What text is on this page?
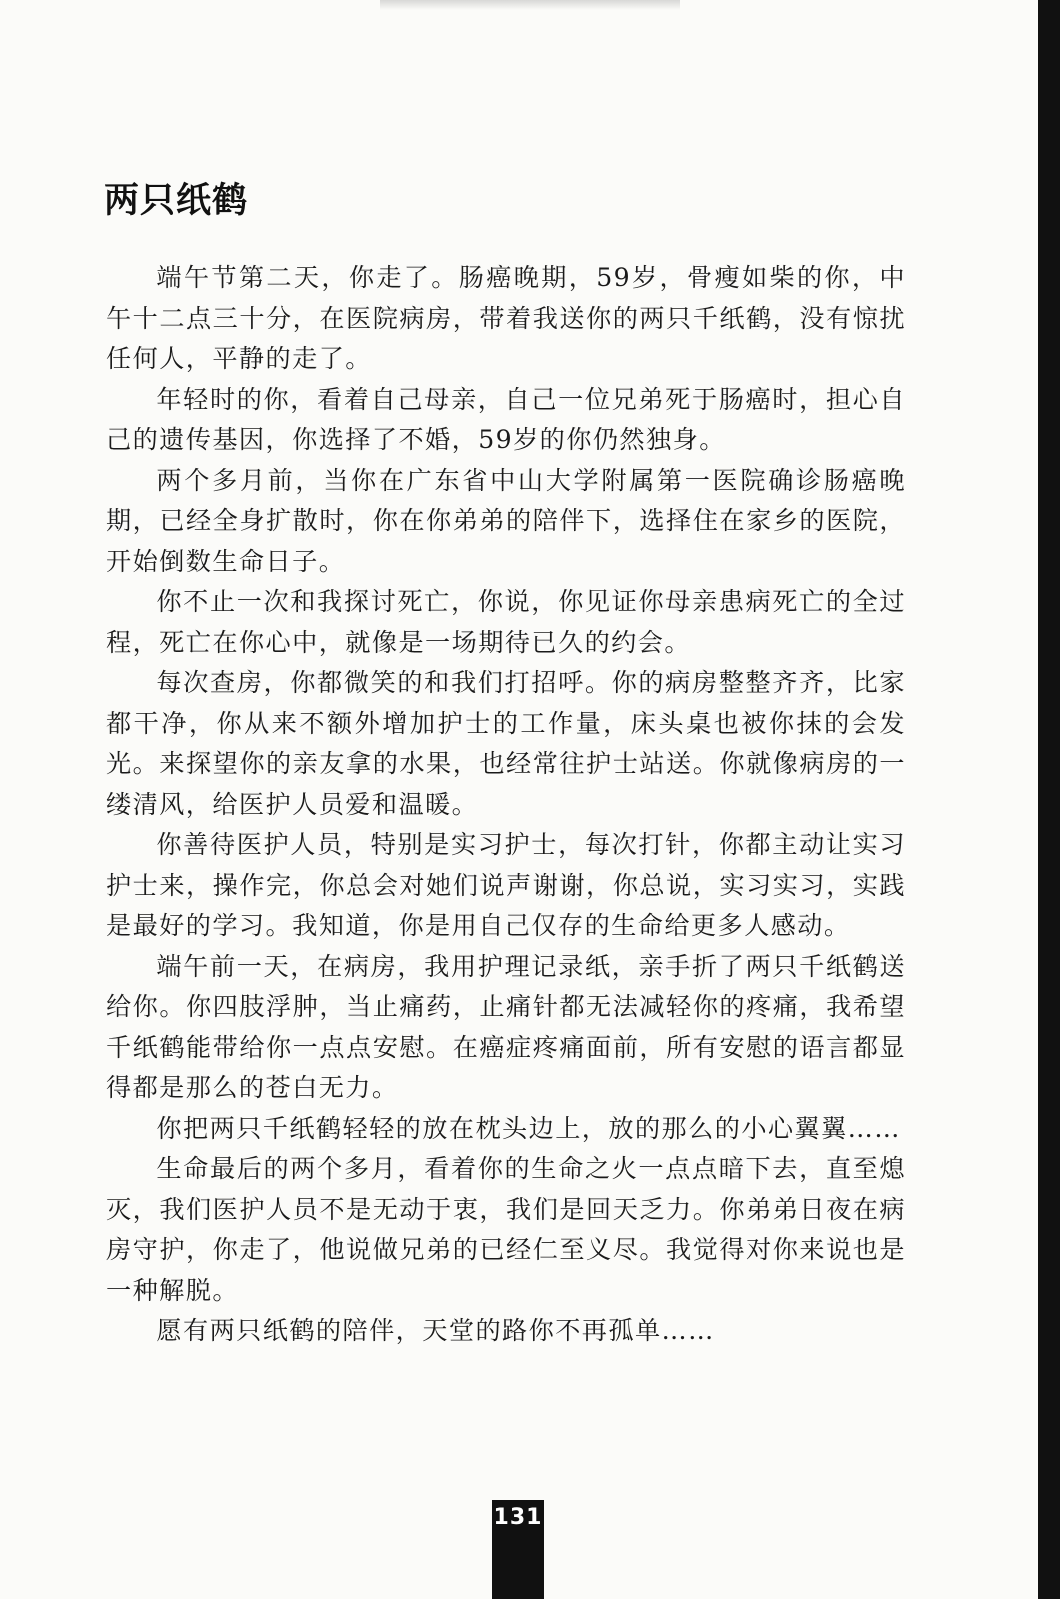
两只纸鹤

端午节第二天，你走了。肠癌晚期，59岁，骨瘦如柴的你，中午十二点三十分，在医院病房，带着我送你的两只千纸鹤，没有惊扰任何人，平静的走了。

年轻时的你，看着自己母亲，自己一位兄弟死于肠癌时，担心自己的遗传基因，你选择了不婚，59岁的你仍然独身。

两个多月前，当你在广东省中山大学附属第一医院确诊肠癌晚期，已经全身扩散时，你在你弟弟的陪伴下，选择住在家乡的医院，开始倒数生命日子。

你不止一次和我探讨死亡，你说，你见证你母亲患病死亡的全过程，死亡在你心中，就像是一场期待已久的约会。

每次查房，你都微笑的和我们打招呼。你的病房整整齐齐，比家都干净，你从来不额外增加护士的工作量，床头桌也被你抹的会发光。来探望你的亲友拿的水果，也经常往护士站送。你就像病房的一缕清风，给医护人员爱和温暖。

你善待医护人员，特别是实习护士，每次打针，你都主动让实习护士来，操作完，你总会对她们说声谢谢，你总说，实习实习，实践是最好的学习。我知道，你是用自己仅存的生命给更多人感动。

端午前一天，在病房，我用护理记录纸，亲手折了两只千纸鹤送给你。你四肢浮肿，当止痛药，止痛针都无法减轻你的疼痛，我希望千纸鹤能带给你一点点安慰。在癌症疼痛面前，所有安慰的语言都显得都是那么的苍白无力。

你把两只千纸鹤轻轻的放在枕头边上，放的那么的小心翼翼……

生命最后的两个多月，看着你的生命之火一点点暗下去，直至熄灭，我们医护人员不是无动于衷，我们是回天乏力。你弟弟日夜在病房守护，你走了，他说做兄弟的已经仁至义尽。我觉得对你来说也是一种解脱。

愿有两只纸鹤的陪伴，天堂的路你不再孤单……

131
